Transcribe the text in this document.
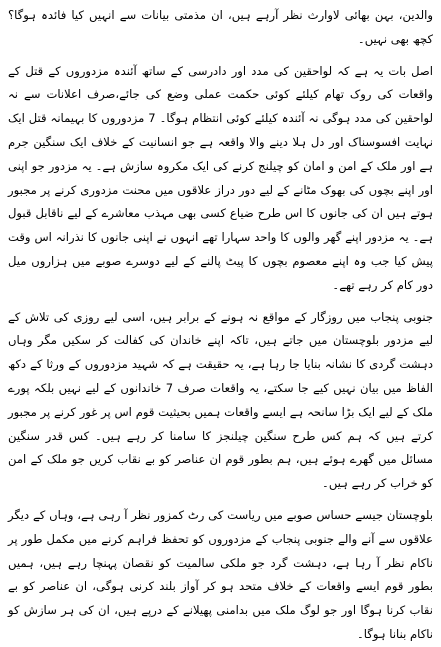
والدین، بہن بھائی لاوارث نظر آرہے ہیں، ان مذمتی بیانات سے انہیں کیا فائدہ ہوگا؟ کچھ بھی نہیں۔

اصل بات یہ ہے کہ لواحقین کی مدد اور دادرسی کے ساتھ آئندہ مزدوروں کے قتل کے واقعات کی روک تھام کیلئے کوئی حکمت عملی وضع کی جائے،صرف اعلانات سے نہ لواحقین کی مدد ہوگی نہ آئندہ کیلئے کوئی انتظام ہوگا۔ 7 مزدوروں کا بہیمانہ قتل ایک نہایت افسوسناک اور دل ہلا دینے والا واقعہ ہے جو انسانیت کے خلاف ایک سنگین جرم ہے اور ملک کے امن و امان کو چیلنج کرنے کی ایک مکروہ سازش ہے۔ یہ مزدور جو اپنی اور اپنے بچوں کی بھوک مٹانے کے لیے دور دراز علاقوں میں محنت مزدوری کرنے پر مجبور ہوتے ہیں ان کی جانوں کا اس طرح ضیاع کسی بھی مہذب معاشرے کے لیے ناقابل قبول ہے۔ یہ مزدور اپنے گھر والوں کا واحد سہارا تھے انہوں نے اپنی جانوں کا نذرانہ اس وقت پیش کیا جب وہ اپنے معصوم بچوں کا پیٹ پالنے کے لیے دوسرے صوبے میں ہزاروں میل دور کام کر رہے تھے۔

جنوبی پنجاب میں روزگار کے مواقع نہ ہونے کے برابر ہیں، اسی لیے روزی کی تلاش کے لیے مزدور بلوچستان میں جاتے ہیں، تاکہ اپنے خاندان کی کفالت کر سکیں مگر وہاں دہشت گردی کا نشانہ بنایا جا رہا ہے، یہ حقیقت ہے کہ شہید مزدوروں کے ورثا کے دکھ الفاظ میں بیان نہیں کیے جا سکتے، یہ واقعات صرف 7 خاندانوں کے لیے نہیں بلکہ پورے ملک کے لیے ایک بڑا سانحہ ہے ایسے واقعات ہمیں بحیثیت قوم اس پر غور کرنے پر مجبور کرتے ہیں کہ ہم کس طرح سنگین چیلنجز کا سامنا کر رہے ہیں۔ کس قدر سنگین مسائل میں گھرے ہوئے ہیں، ہم بطور قوم ان عناصر کو بے نقاب کریں جو ملک کے امن کو خراب کر رہے ہیں۔

بلوچستان جیسے حساس صوبے میں ریاست کی رٹ کمزور نظر آ رہی ہے، وہاں کے دیگر علاقوں سے آنے والے جنوبی پنجاب کے مزدوروں کو تحفظ فراہم کرنے میں مکمل طور پر ناکام نظر آ رہا ہے، دہشت گرد جو ملکی سالمیت کو نقصان پہنچا رہے ہیں، ہمیں بطور قوم ایسے واقعات کے خلاف متحد ہو کر آواز بلند کرنی ہوگی، ان عناصر کو بے نقاب کرنا ہوگا اور جو لوگ ملک میں بدامنی پھیلانے کے درپے ہیں، ان کی ہر سازش کو ناکام بنانا ہوگا۔
